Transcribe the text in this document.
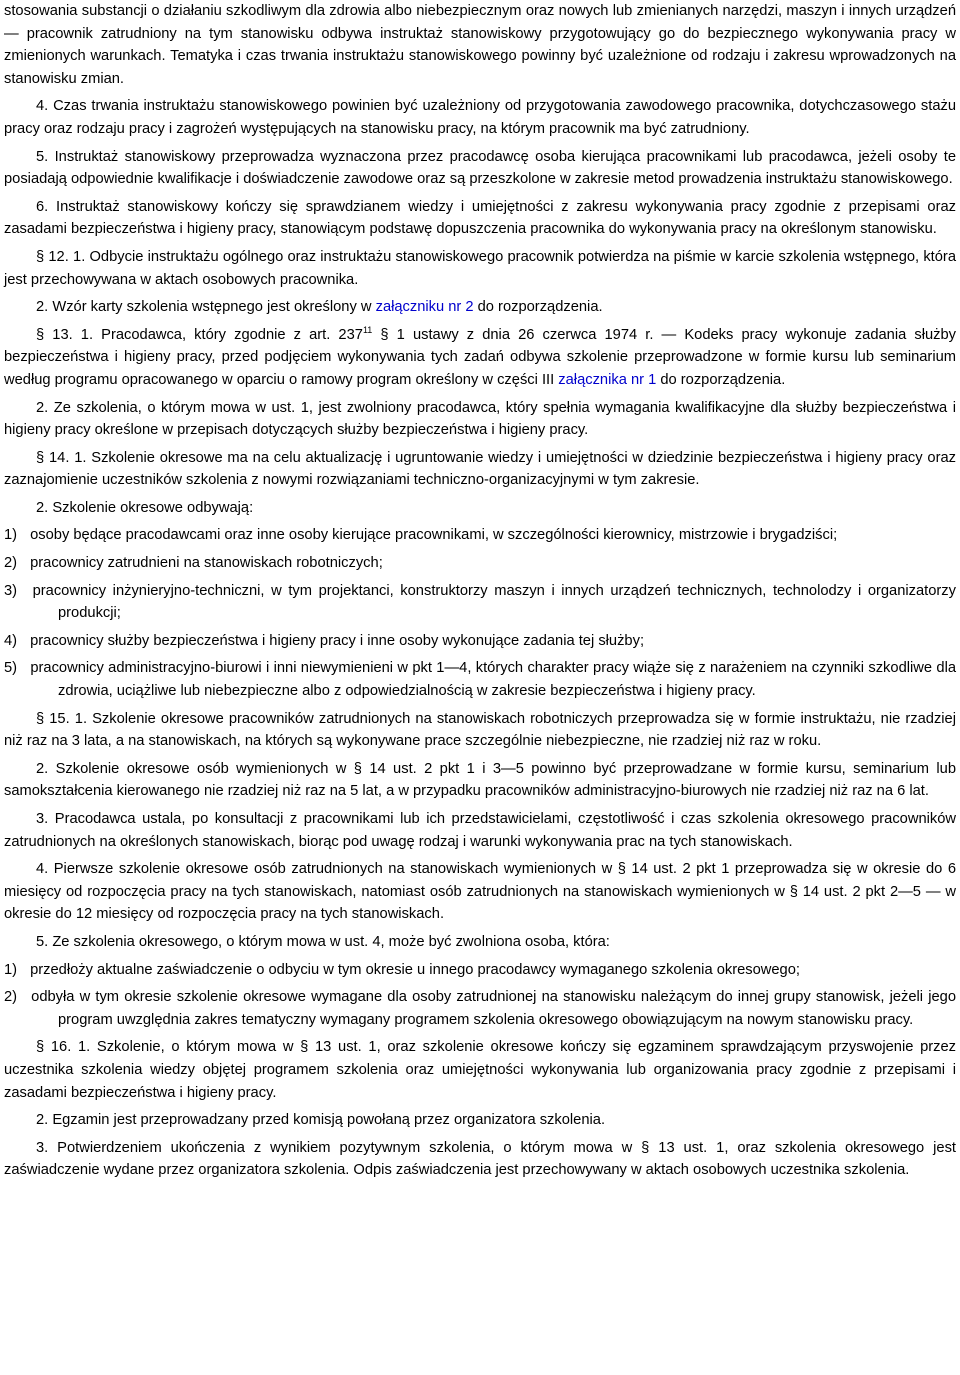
stosowania substancji o działaniu szkodliwym dla zdrowia albo niebezpiecznym oraz nowych lub zmienianych narzędzi, maszyn i innych urządzeń — pracownik zatrudniony na tym stanowisku odbywa instruktaż stanowiskowy przygotowujący go do bezpiecznego wykonywania pracy w zmienionych warunkach. Tematyka i czas trwania instruktażu stanowiskowego powinny być uzależnione od rodzaju i zakresu wprowadzonych na stanowisku zmian.

4. Czas trwania instruktażu stanowiskowego powinien być uzależniony od przygotowania zawodowego pracownika, dotychczasowego stażu pracy oraz rodzaju pracy i zagrożeń występujących na stanowisku pracy, na którym pracownik ma być zatrudniony.

5. Instruktaż stanowiskowy przeprowadza wyznaczona przez pracodawcę osoba kierująca pracownikami lub pracodawca, jeżeli osoby te posiadają odpowiednie kwalifikacje i doświadczenie zawodowe oraz są przeszkolone w zakresie metod prowadzenia instruktażu stanowiskowego.

6. Instruktaż stanowiskowy kończy się sprawdzianem wiedzy i umiejętności z zakresu wykonywania pracy zgodnie z przepisami oraz zasadami bezpieczeństwa i higieny pracy, stanowiącym podstawę dopuszczenia pracownika do wykonywania pracy na określonym stanowisku.

§ 12. 1. Odbycie instruktażu ogólnego oraz instruktażu stanowiskowego pracownik potwierdza na piśmie w karcie szkolenia wstępnego, która jest przechowywana w aktach osobowych pracownika.

2. Wzór karty szkolenia wstępnego jest określony w załączniku nr 2 do rozporządzenia.

§ 13. 1. Pracodawca, który zgodnie z art. $237^{11}$ § 1 ustawy z dnia 26 czerwca 1974 r. — Kodeks pracy wykonuje zadania służby bezpieczeństwa i higieny pracy, przed podjęciem wykonywania tych zadań odbywa szkolenie przeprowadzone w formie kursu lub seminarium według programu opracowanego w oparciu o ramowy program określony w części III załącznika nr 1 do rozporządzenia.

2. Ze szkolenia, o którym mowa w ust. 1, jest zwolniony pracodawca, który spełnia wymagania kwalifikacyjne dla służby bezpieczeństwa i higieny pracy określone w przepisach dotyczących służby bezpieczeństwa i higieny pracy.

§ 14. 1. Szkolenie okresowe ma na celu aktualizację i ugruntowanie wiedzy i umiejętności w dziedzinie bezpieczeństwa i higieny pracy oraz zaznajomienie uczestników szkolenia z nowymi rozwiązaniami techniczno-organizacyjnymi w tym zakresie.

2. Szkolenie okresowe odbywają:

1) osoby będące pracodawcami oraz inne osoby kierujące pracownikami, w szczególności kierownicy, mistrzowie i brygadziści;
2) pracownicy zatrudnieni na stanowiskach robotniczych;
3) pracownicy inżynieryjno-techniczni, w tym projektanci, konstruktorzy maszyn i innych urządzeń technicznych, technolodzy i organizatorzy produkcji;
4) pracownicy służby bezpieczeństwa i higieny pracy i inne osoby wykonujące zadania tej służby;
5) pracownicy administracyjno-biurowi i inni niewymienieni w pkt 1—4, których charakter pracy wiąże się z narażeniem na czynniki szkodliwe dla zdrowia, uciążliwe lub niebezpieczne albo z odpowiedzialnością w zakresie bezpieczeństwa i higieny pracy.

§ 15. 1. Szkolenie okresowe pracowników zatrudnionych na stanowiskach robotniczych przeprowadza się w formie instruktażu, nie rzadziej niż raz na 3 lata, a na stanowiskach, na których są wykonywane prace szczególnie niebezpieczne, nie rzadziej niż raz w roku.

2. Szkolenie okresowe osób wymienionych w § 14 ust. 2 pkt 1 i 3—5 powinno być przeprowadzane w formie kursu, seminarium lub samokształcenia kierowanego nie rzadziej niż raz na 5 lat, a w przypadku pracowników administracyjno-biurowych nie rzadziej niż raz na 6 lat.

3. Pracodawca ustala, po konsultacji z pracownikami lub ich przedstawicielami, częstotliwość i czas szkolenia okresowego pracowników zatrudnionych na określonych stanowiskach, biorąc pod uwagę rodzaj i warunki wykonywania prac na tych stanowiskach.

4. Pierwsze szkolenie okresowe osób zatrudnionych na stanowiskach wymienionych w § 14 ust. 2 pkt 1 przeprowadza się w okresie do 6 miesięcy od rozpoczęcia pracy na tych stanowiskach, natomiast osób zatrudnionych na stanowiskach wymienionych w § 14 ust. 2 pkt 2—5 — w okresie do 12 miesięcy od rozpoczęcia pracy na tych stanowiskach.

5. Ze szkolenia okresowego, o którym mowa w ust. 4, może być zwolniona osoba, która:

1) przedłoży aktualne zaświadczenie o odbyciu w tym okresie u innego pracodawcy wymaganego szkolenia okresowego;
2) odbyła w tym okresie szkolenie okresowe wymagane dla osoby zatrudnionej na stanowisku należącym do innej grupy stanowisk, jeżeli jego program uwzględnia zakres tematyczny wymagany programem szkolenia okresowego obowiązującym na nowym stanowisku pracy.

§ 16. 1. Szkolenie, o którym mowa w § 13 ust. 1, oraz szkolenie okresowe kończy się egzaminem sprawdzającym przyswojenie przez uczestnika szkolenia wiedzy objętej programem szkolenia oraz umiejętności wykonywania lub organizowania pracy zgodnie z przepisami i zasadami bezpieczeństwa i higieny pracy.

2. Egzamin jest przeprowadzany przed komisją powołaną przez organizatora szkolenia.

3. Potwierdzeniem ukończenia z wynikiem pozytywnym szkolenia, o którym mowa w § 13 ust. 1, oraz szkolenia okresowego jest zaświadczenie wydane przez organizatora szkolenia. Odpis zaświadczenia jest przechowywany w aktach osobowych uczestnika szkolenia.
